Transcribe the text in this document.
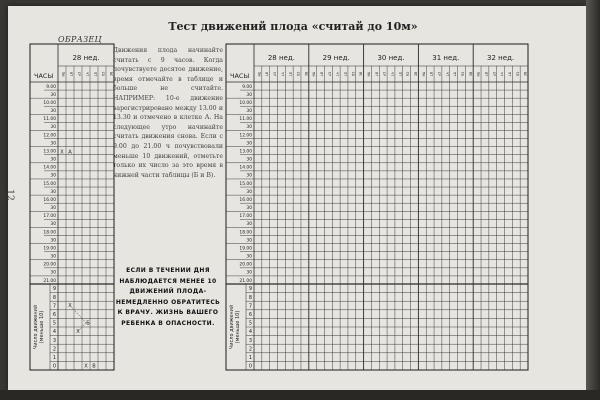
Тест движений плода «считай до 10м»
ОБРАЗЕЦ
12
Движения плода начинайте считать с 9 часов. Когда почувствуете десятое движение, время отмечайте в таблице и больше не считайте. НАПРИМЕР: 10-е движение зарегистрировано между 13.00 и 13.30 и отмечено в клетке А. На следующее утро начинайте считать движения снова. Если с 9.00 до 21.00 ч почувствовали меньше 10 движений, отметьте только их число за это время в нижней части таблицы (Б и В).
ЕСЛИ В ТЕЧЕНИИ ДНЯ НАБЛЮДАЕТСЯ МЕНЕЕ 10 ДВИЖЕНИЙ ПЛОДА- НЕМЕДЛЕННО ОБРАТИТЕСЬ К ВРАЧУ. ЖИЗНЬ ВАШЕГО РЕБЕНКА В ОПАСНОСТИ.
ЧАСЫ
28 нед.
ПН ВТ СР ЧТ ПТ СБ ВС
9.00
30
10.00
30
11.00
30
12.00
30
13.00
30
14.00
30
15.00
30
16.00
30
17.00
30
18.00
30
19.00
30
20.00
30
21.00
9
8
7
6
5
4
3
2
1
0
Число движений (меньше 10)
Х А
Х
Х
Б
Х В
ЧАСЫ
28 нед.
ПН ВТ СР ЧТ ПТ СБ ВС
29 нед.
ПН ВТ СР ЧТ ПТ СБ ВС
30 нед.
ПН ВТ СР ЧТ ПТ СБ ВС
31 нед.
ПН ВТ СР ЧТ ПТ СБ ВС
32 нед.
ПН ВТ СР ЧТ ПТ СБ ВС
9.00
30
10.00
30
11.00
30
12.00
30
13.00
30
14.00
30
15.00
30
16.00
30
17.00
30
18.00
30
19.00
30
20.00
30
21.00
9
8
7
6
5
4
3
2
1
0
Число движений (меньше 10)
